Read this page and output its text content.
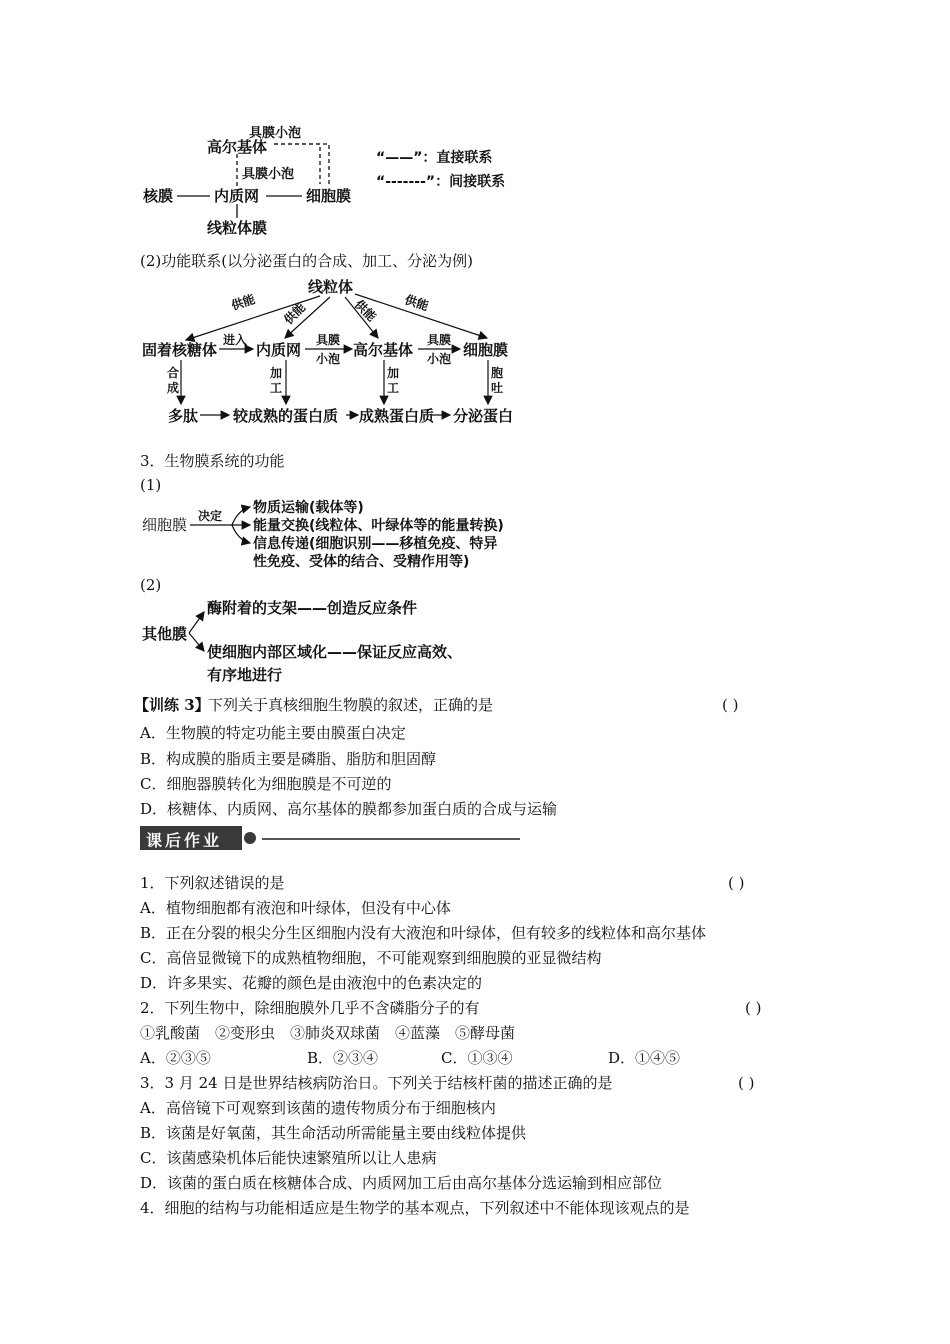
高尔基体
具膜小泡
具膜小泡
核膜	内质网	细胞膜
线粒体膜
“——”：直接联系
“-------”：间接联系
(2)功能联系(以分泌蛋白的合成、加工、分泌为例)
线粒体
供能 供能	供能 供能
固着核糖体
进入
内质网
具膜
小泡 高尔基体
具膜
小泡 细胞膜
合
成
加
工
加
工
胞
吐
多肽 较成熟的蛋白质 成熟蛋白质 分泌蛋白
3．生物膜系统的功能
(1)
细胞膜 决定 物质运输(载体等)
能量交换(线粒体、叶绿体等的能量转换)
信息传递(细胞识别——移植免疫、特异
性免疫、受体的结合、受精作用等)
(2)
其他膜
酶附着的支架——创造反应条件
使细胞内部区域化——保证反应高效、
有序地进行
【训练 3】
下列关于真核细胞生物膜的叙述，正确的是	( )
A．生物膜的特定功能主要由膜蛋白决定
B．构成膜的脂质主要是磷脂、脂肪和胆固醇
C．细胞器膜转化为细胞膜是不可逆的
D．核糖体、内质网、高尔基体的膜都参加蛋白质的合成与运输
课后作业
1．下列叙述错误的是	( )
A．植物细胞都有液泡和叶绿体，但没有中心体
B．正在分裂的根尖分生区细胞内没有大液泡和叶绿体，但有较多的线粒体和高尔基体
C．高倍显微镜下的成熟植物细胞，不可能观察到细胞膜的亚显微结构
D．许多果实、花瓣的颜色是由液泡中的色素决定的
2．下列生物中，除细胞膜外几乎不含磷脂分子的有	( )
①乳酸菌　②变形虫　③肺炎双球菌　④蓝藻　⑤酵母菌
A．②③⑤	B．②③④	C．①③④	D．①④⑤
3．3 月 24 日是世界结核病防治日。下列关于结核杆菌的描述正确的是	( )
A．高倍镜下可观察到该菌的遗传物质分布于细胞核内
B．该菌是好氧菌，其生命活动所需能量主要由线粒体提供
C．该菌感染机体后能快速繁殖所以让人患病
D．该菌的蛋白质在核糖体合成、内质网加工后由高尔基体分选运输到相应部位
4．细胞的结构与功能相适应是生物学的基本观点，下列叙述中不能体现该观点的是
